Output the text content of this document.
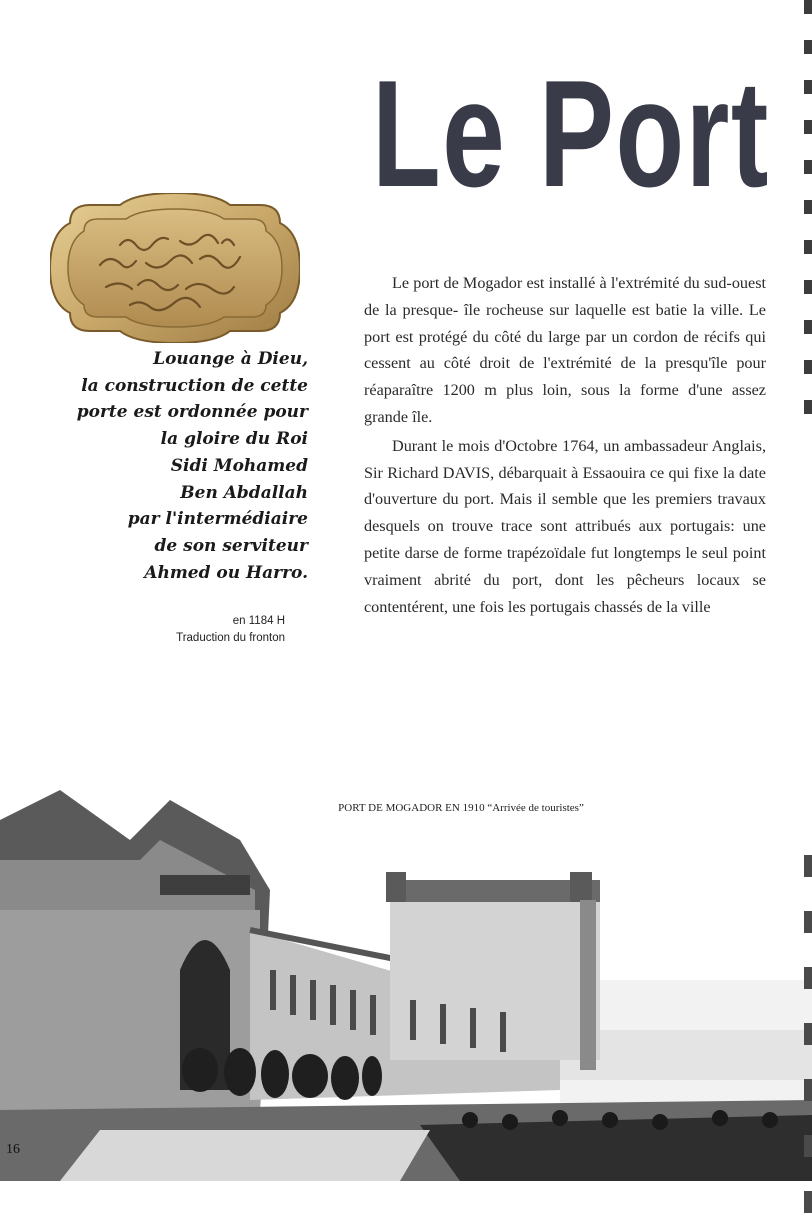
Le Port
Louange à Dieu,
la construction de cette
porte est ordonnée pour
la gloire du Roi
Sidi Mohamed
Ben Abdallah
par l'intermédiaire
de son serviteur
Ahmed ou Harro.
en 1184 H
Traduction du fronton

Le port de Mogador est installé à l'extrémité du sud-ouest de la presque- île rocheuse sur laquelle est batie la ville. Le port est protégé du côté du large par un cordon de récifs qui cessent au côté droit de l'extrémité de la presqu'île pour réaparaître 1200 m plus loin, sous la forme d'une assez grande île.

Durant le mois d'Octobre 1764, un ambassadeur Anglais, Sir Richard DAVIS, débarquait à Essaouira ce qui fixe la date d'ouverture du port. Mais il semble que les premiers travaux desquels on trouve trace sont attribués aux portugais: une petite darse de forme trapézoïdale fut longtemps le seul point vraiment abrité du port, dont les pêcheurs locaux se contentérent, une fois les portugais chassés de la ville

PORT DE MOGADOR EN 1910 “Arrivée de touristes”
16
